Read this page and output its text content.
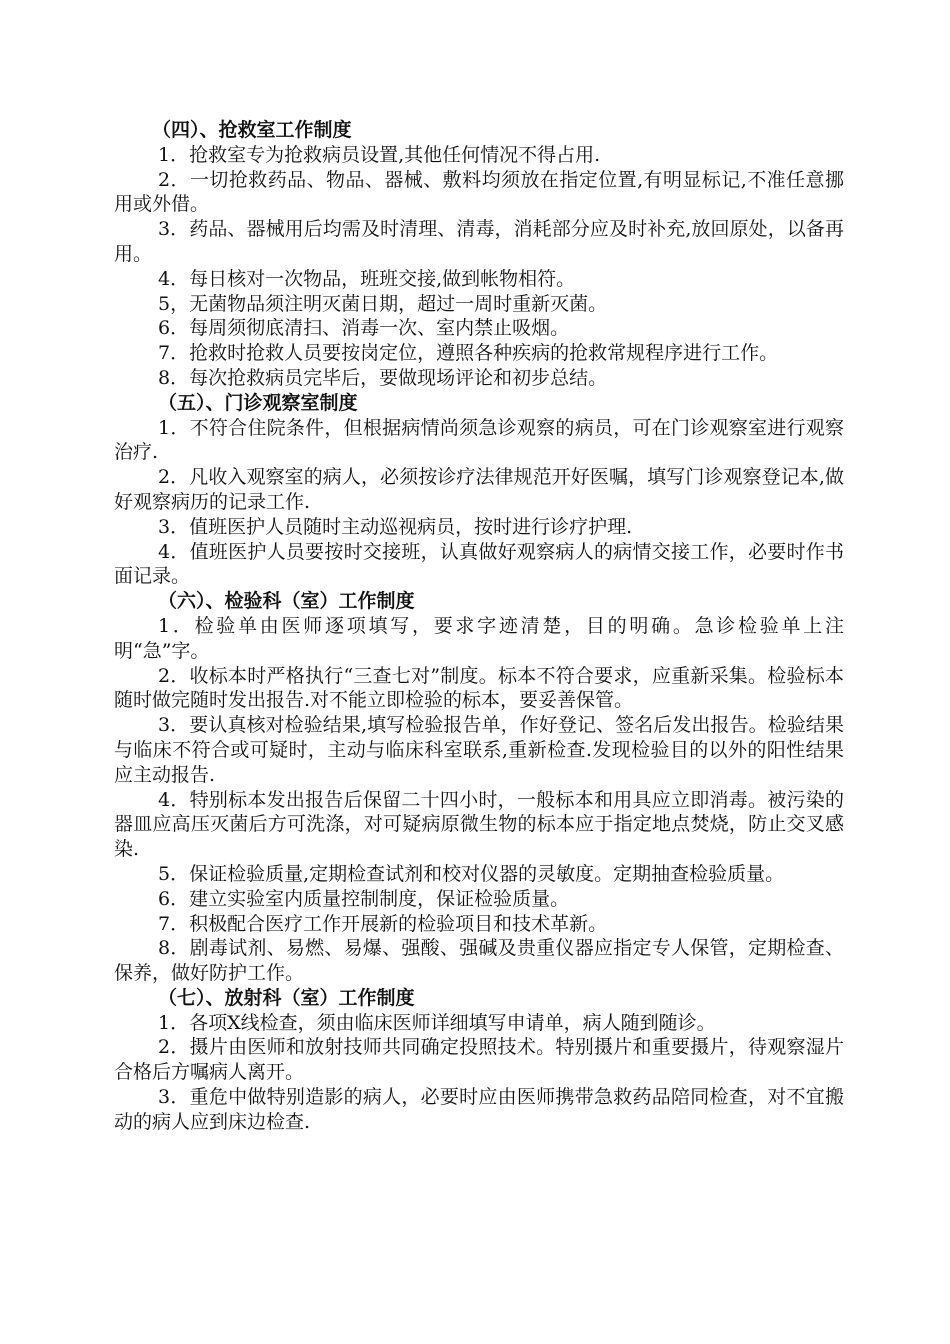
（四）、抢救室工作制度

1．抢救室专为抢救病员设置,其他任何情况不得占用.

2．一切抢救药品、物品、器械、敷料均须放在指定位置,有明显标记,不准任意挪用或外借。

3．药品、器械用后均需及时清理、清毒，消耗部分应及时补充,放回原处，以备再用。

4．每日核对一次物品，班班交接,做到帐物相符。

5，无菌物品须注明灭菌日期，超过一周时重新灭菌。

6．每周须彻底清扫、消毒一次、室内禁止吸烟。

7．抢救时抢救人员要按岗定位，遵照各种疾病的抢救常规程序进行工作。

8．每次抢救病员完毕后，要做现场评论和初步总结。

（五）、门诊观察室制度

1．不符合住院条件，但根据病情尚须急诊观察的病员，可在门诊观察室进行观察治疗.

2．凡收入观察室的病人，必须按诊疗法律规范开好医嘱，填写门诊观察登记本,做好观察病历的记录工作.

3．值班医护人员随时主动巡视病员，按时进行诊疗护理.

4．值班医护人员要按时交接班，认真做好观察病人的病情交接工作，必要时作书面记录。

（六）、检验科（室）工作制度

1．检验单由医师逐项填写，要求字迹清楚，目的明确。急诊检验单上注明“急”字。

2．收标本时严格执行“三查七对”制度。标本不符合要求，应重新采集。检验标本随时做完随时发出报告.对不能立即检验的标本，要妥善保管。

3．要认真核对检验结果,填写检验报告单，作好登记、签名后发出报告。检验结果与临床不符合或可疑时，主动与临床科室联系,重新检查.发现检验目的以外的阳性结果应主动报告.

4．特别标本发出报告后保留二十四小时，一般标本和用具应立即消毒。被污染的器皿应高压灭菌后方可洗涤，对可疑病原微生物的标本应于指定地点焚烧，防止交叉感染.

5．保证检验质量,定期检查试剂和校对仪器的灵敏度。定期抽查检验质量。

6．建立实验室内质量控制制度，保证检验质量。

7．积极配合医疗工作开展新的检验项目和技术革新。

8．剧毒试剂、易燃、易爆、强酸、强碱及贵重仪器应指定专人保管，定期检查、保养，做好防护工作。

（七）、放射科（室）工作制度

1．各项X线检查，须由临床医师详细填写申请单，病人随到随诊。

2．摄片由医师和放射技师共同确定投照技术。特别摄片和重要摄片，待观察湿片合格后方嘱病人离开。

3．重危中做特别造影的病人，必要时应由医师携带急救药品陪同检查，对不宜搬动的病人应到床边检查.
